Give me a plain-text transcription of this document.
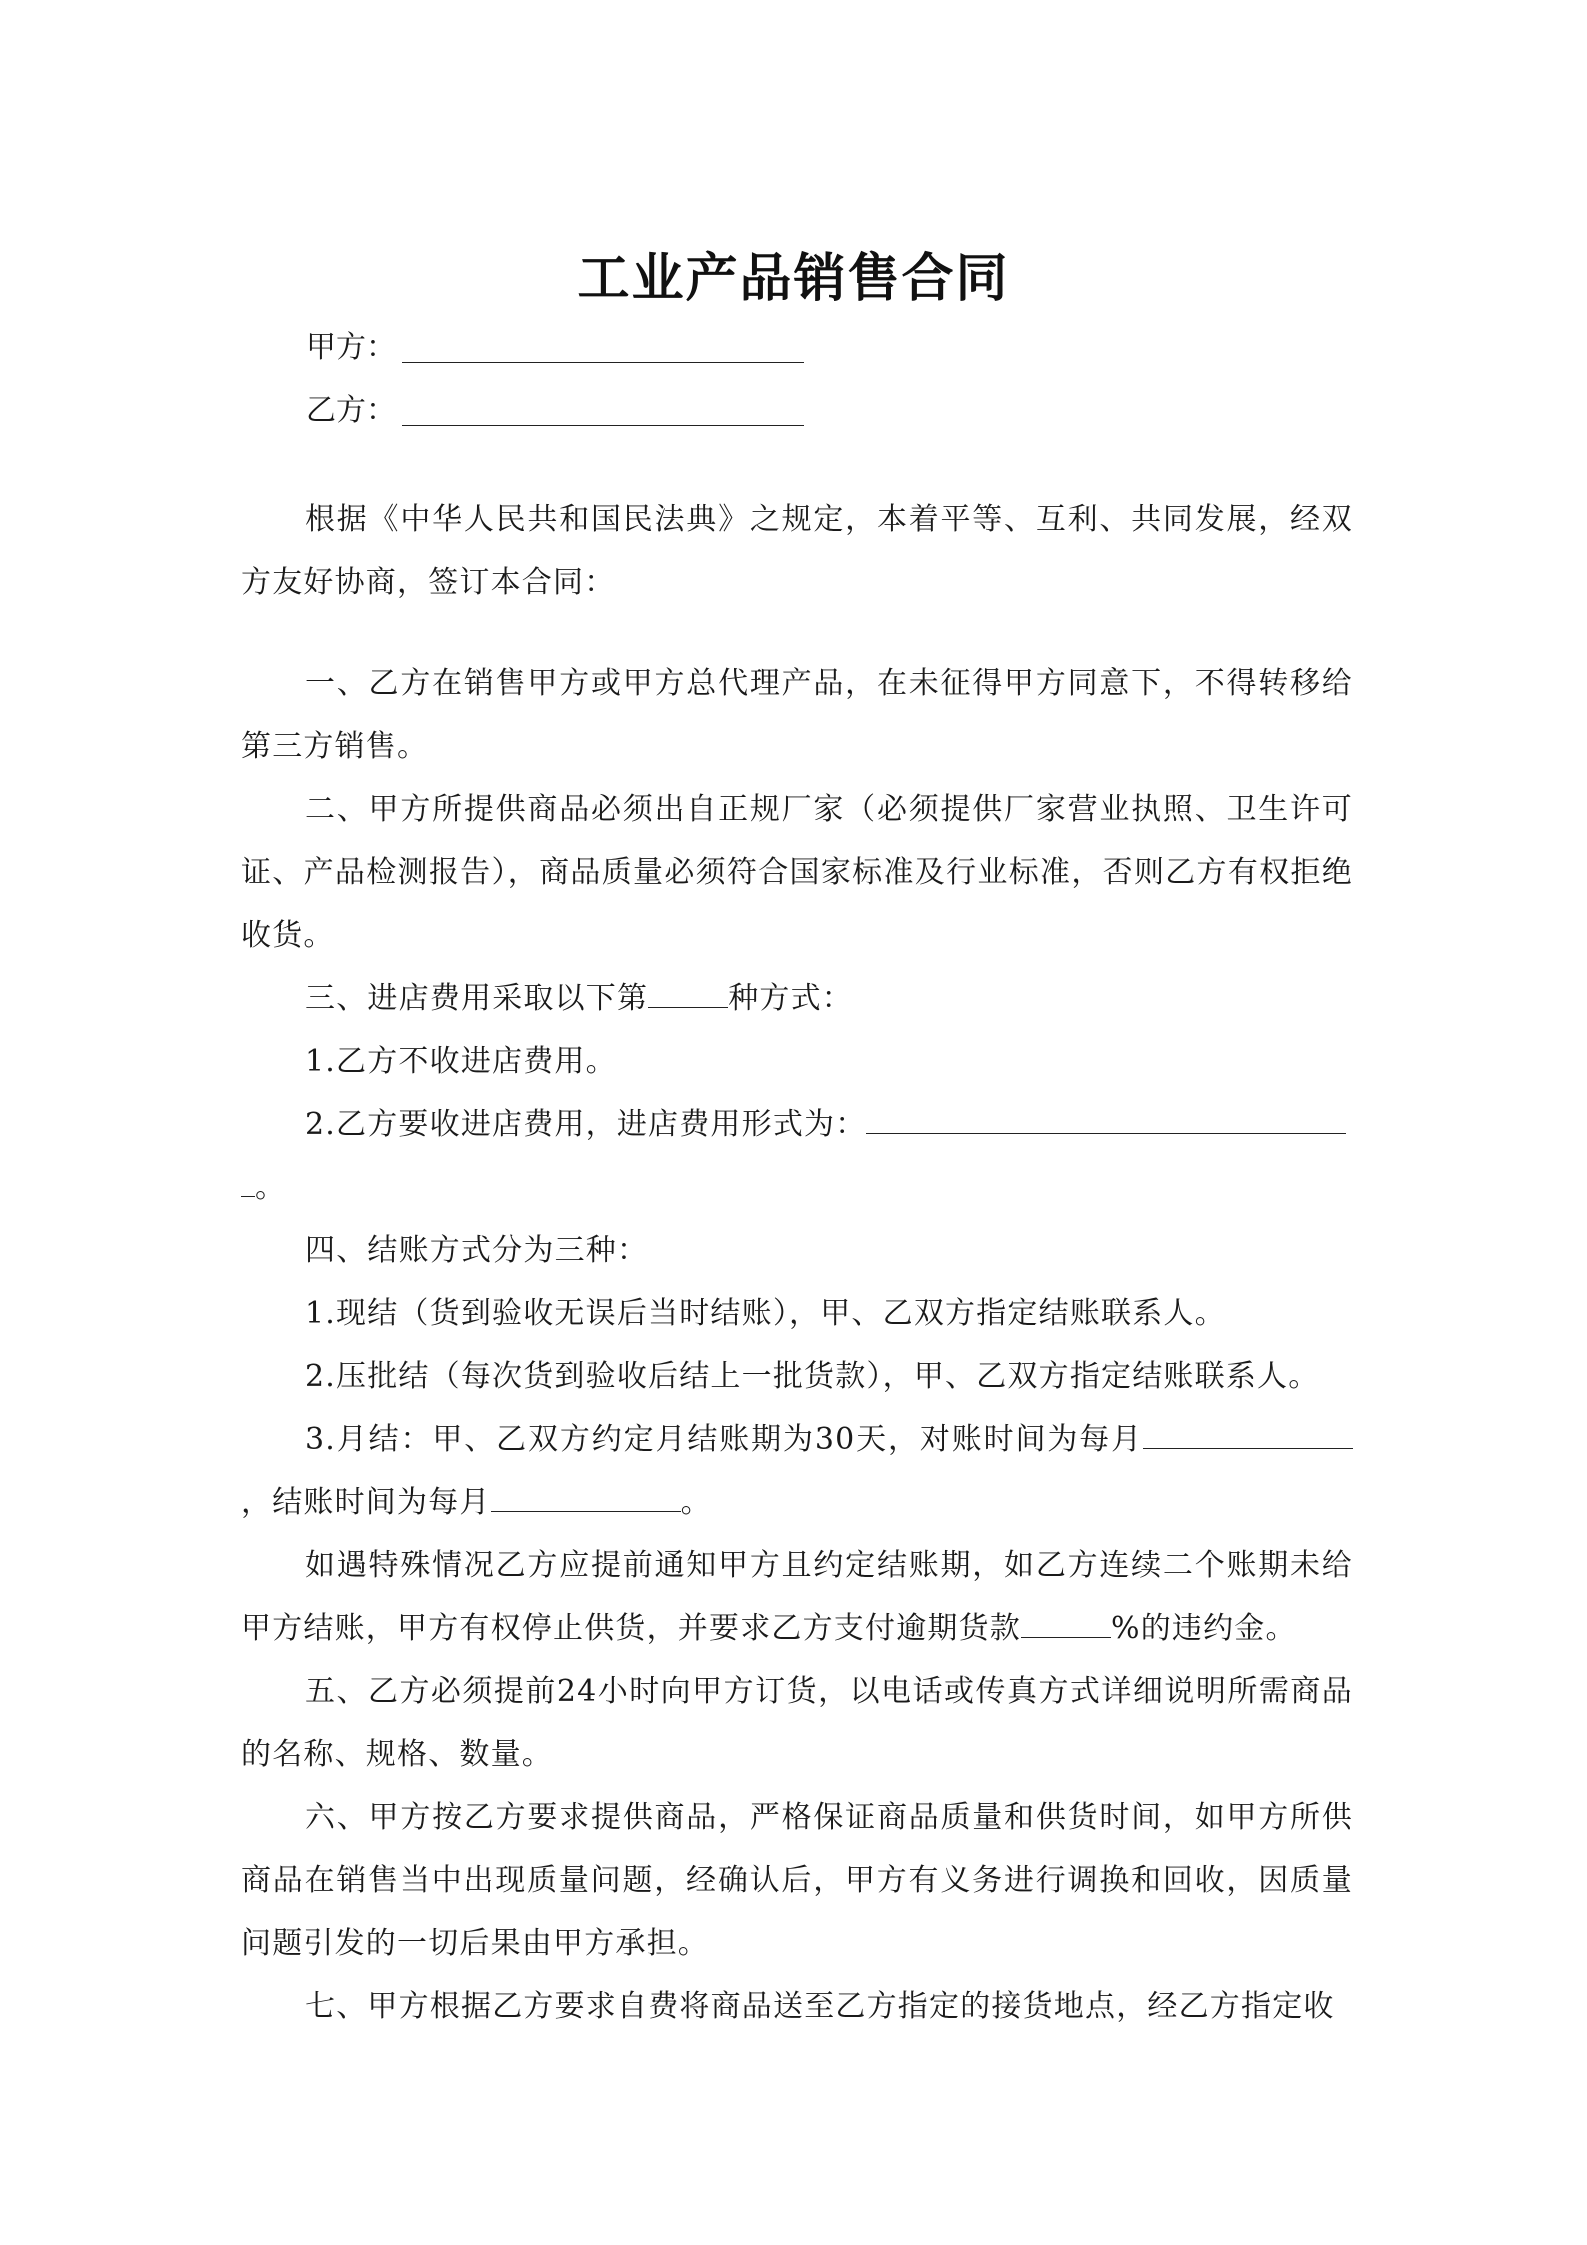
工业产品销售合同
甲方：
乙方：

根据《中华人民共和国民法典》之规定，本着平等、互利、共同发展，经双方友好协商，签订本合同：

一、乙方在销售甲方或甲方总代理产品，在未征得甲方同意下，不得转移给第三方销售。

二、甲方所提供商品必须出自正规厂家（必须提供厂家营业执照、卫生许可证、产品检测报告），商品质量必须符合国家标准及行业标准，否则乙方有权拒绝收货。

三、进店费用采取以下第	种方式：

1.乙方不收进店费用。

2.乙方要收进店费用，进店费用形式为：
。

四、结账方式分为三种：

1.现结（货到验收无误后当时结账），甲、乙双方指定结账联系人。

2.压批结（每次货到验收后结上一批货款），甲、乙双方指定结账联系人。

3.月结：甲、乙双方约定月结账期为30天，对账时间为每月，结账时间为每月	。

如遇特殊情况乙方应提前通知甲方且约定结账期，如乙方连续二个账期未给甲方结账，甲方有权停止供货，并要求乙方支付逾期货款	%的违约金。

五、乙方必须提前24小时向甲方订货，以电话或传真方式详细说明所需商品的名称、规格、数量。

六、甲方按乙方要求提供商品，严格保证商品质量和供货时间，如甲方所供商品在销售当中出现质量问题，经确认后，甲方有义务进行调换和回收，因质量问题引发的一切后果由甲方承担。

七、甲方根据乙方要求自费将商品送至乙方指定的接货地点，经乙方指定收
